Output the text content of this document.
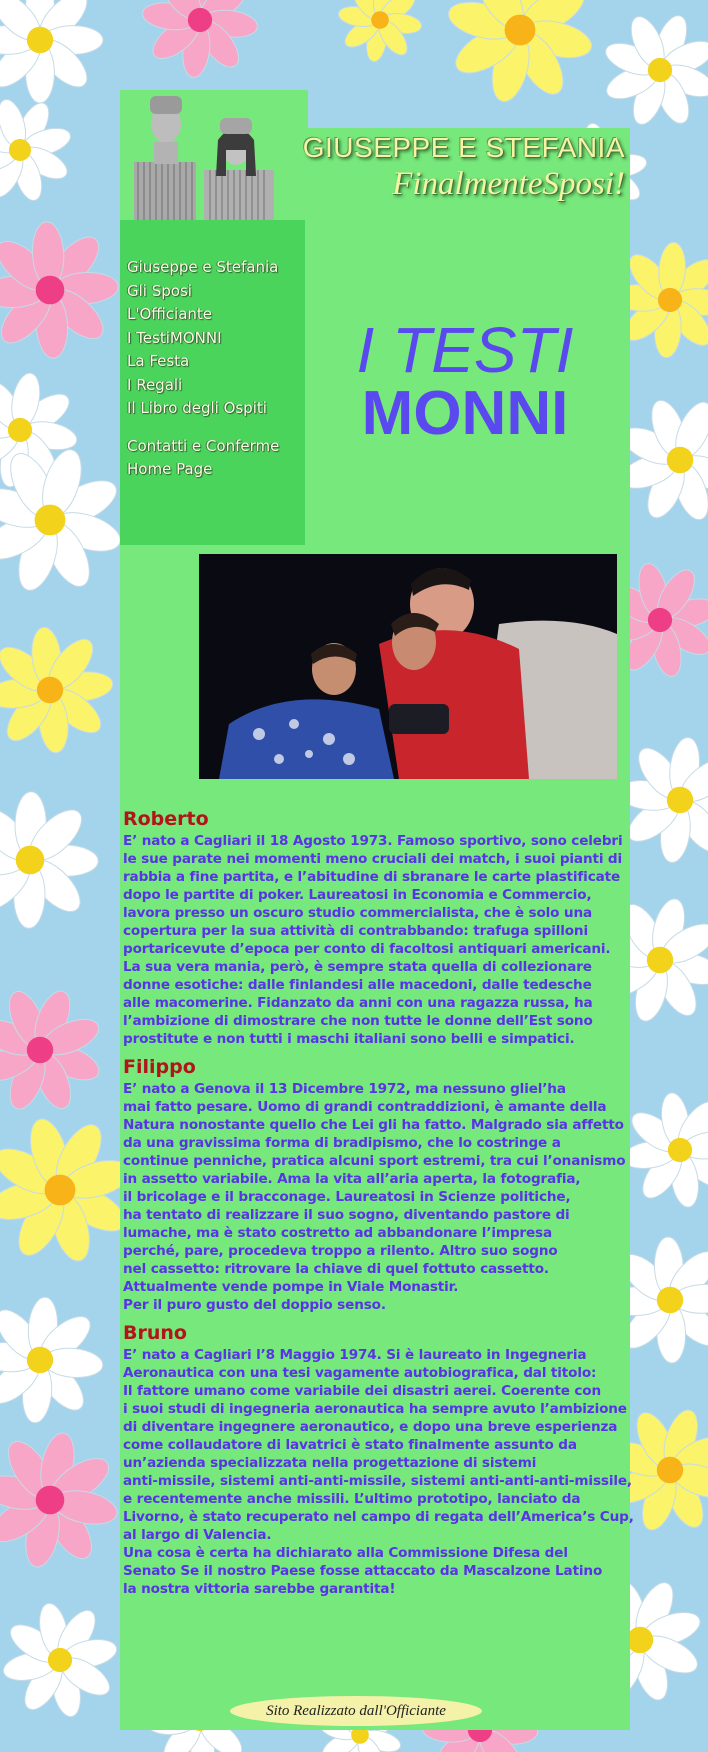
GIUSEPPE E STEFANIA
FinalmenteSposi!
Giuseppe e Stefania
Gli Sposi
L'Officiante
I TestiMONNI
La Festa
I Regali
Il Libro degli Ospiti
Contatti e Conferme
Home Page
I TESTI
MONNI
Roberto

E’ nato a Cagliari il 18 Agosto 1973. Famoso sportivo, sono celebri
le sue parate nei momenti meno cruciali dei match, i suoi pianti di
rabbia a fine partita, e l’abitudine di sbranare le carte plastificate
dopo le partite di poker. Laureatosi in Economia e Commercio,
lavora presso un oscuro studio commercialista, che è solo una
copertura per la sua attività di contrabbando: trafuga spilloni
portaricevute d’epoca per conto di facoltosi antiquari americani.
La sua vera mania, però, è sempre stata quella di collezionare
donne esotiche: dalle finlandesi alle macedoni, dalle tedesche
alle macomerine. Fidanzato da anni con una ragazza russa, ha
l’ambizione di dimostrare che non tutte le donne dell’Est sono
prostitute e non tutti i maschi italiani sono belli e simpatici.

Filippo

E’ nato a Genova il 13 Dicembre 1972, ma nessuno gliel’ha
mai fatto pesare. Uomo di grandi contraddizioni, è amante della
Natura nonostante quello che Lei gli ha fatto. Malgrado sia affetto
da una gravissima forma di bradipismo, che lo costringe a
continue pennichе, pratica alcuni sport estremi, tra cui l’onanismo
in assetto variabile. Ama la vita all’aria aperta, la fotografia,
il bricolage e il bracconage. Laureatosi in Scienze politiche,
ha tentato di realizzare il suo sogno, diventando pastore di
lumache, ma è stato costretto ad abbandonare l’impresa
perché, pare, procedeva troppo a rilento. Altro suo sogno
nel cassetto: ritrovare la chiave di quel fottuto cassetto.
Attualmente vende pompe in Viale Monastir.
Per il puro gusto del doppio senso.

Bruno

E’ nato a Cagliari l’8 Maggio 1974. Si è laureato in Ingegneria
Aeronautica con una tesi vagamente autobiografica, dal titolo:
Il fattore umano come variabile dei disastri aerei. Coerente con
i suoi studi di ingegneria aeronautica ha sempre avuto l’ambizione
di diventare ingegnere aeronautico, e dopo una breve esperienza
come collaudatore di lavatrici è stato finalmente assunto da
un’azienda specializzata nella progettazione di sistemi
anti-missile, sistemi anti-anti-missile, sistemi anti-anti-anti-missile,
e recentemente anche missili. L’ultimo prototipo, lanciato da
Livorno, è stato recuperato nel campo di regata dell’America’s Cup,
al largo di Valencia.
Una cosa è certa ha dichiarato alla Commissione Difesa del
Senato Se il nostro Paese fosse attaccato da Mascalzone Latino
la nostra vittoria sarebbe garantita!

Sito Realizzato dall'Officiante
